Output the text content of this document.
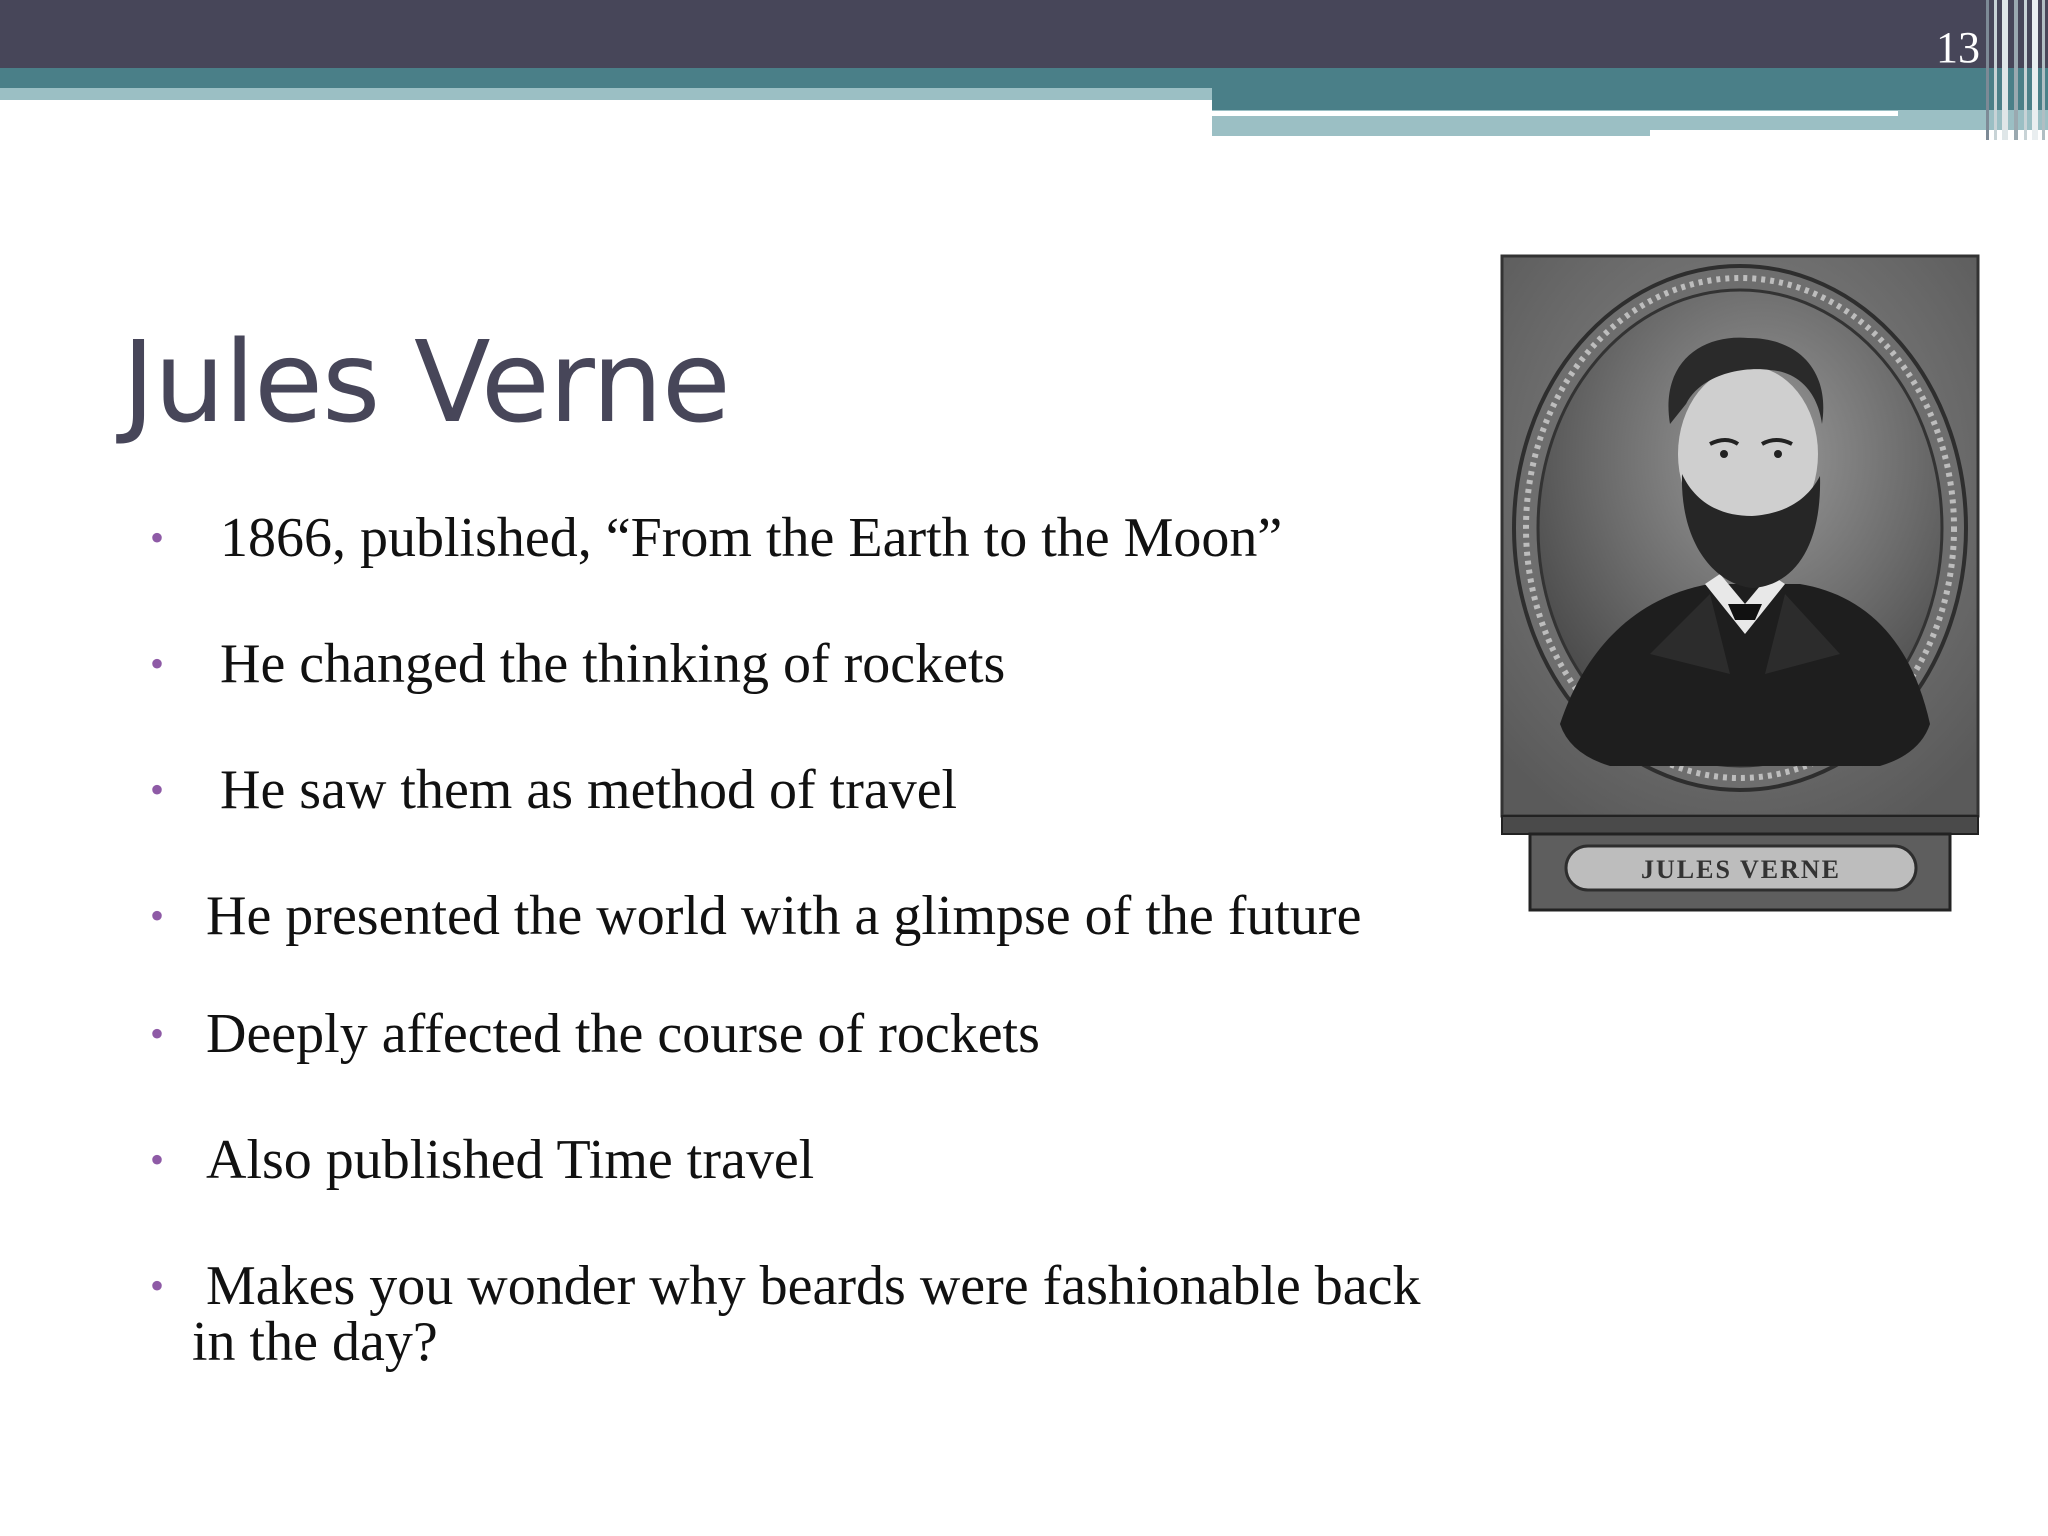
13
Jules Verne
• 1866, published, “From the Earth to the Moon”
• He changed the thinking of rockets
• He saw them as method of travel
• He presented the world with a glimpse of the future
• Deeply affected the course of rockets
• Also published Time travel
• Makes you wonder why beards were fashionable back in the day?
JULES VERNE
